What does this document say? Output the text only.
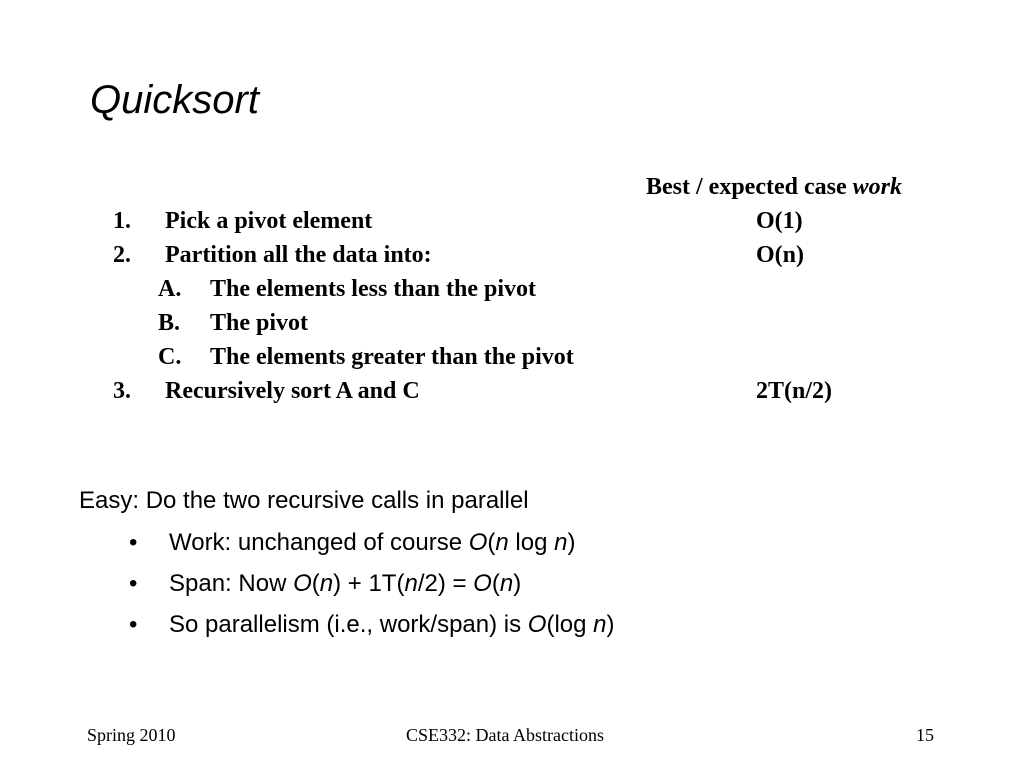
Quicksort
Best / expected case work
1.	Pick a pivot element	O(1)
2.	Partition all the data into:	O(n)
A.	The elements less than the pivot
B.	The pivot
C.	The elements greater than the pivot
3.	Recursively sort A and C	2T(n/2)
Easy: Do the two recursive calls in parallel
• Work: unchanged of course O(n log n)
• Span: Now O(n) + 1T(n/2) = O(n)
• So parallelism (i.e., work/span) is O(log n)
Spring 2010	CSE332: Data Abstractions	15
